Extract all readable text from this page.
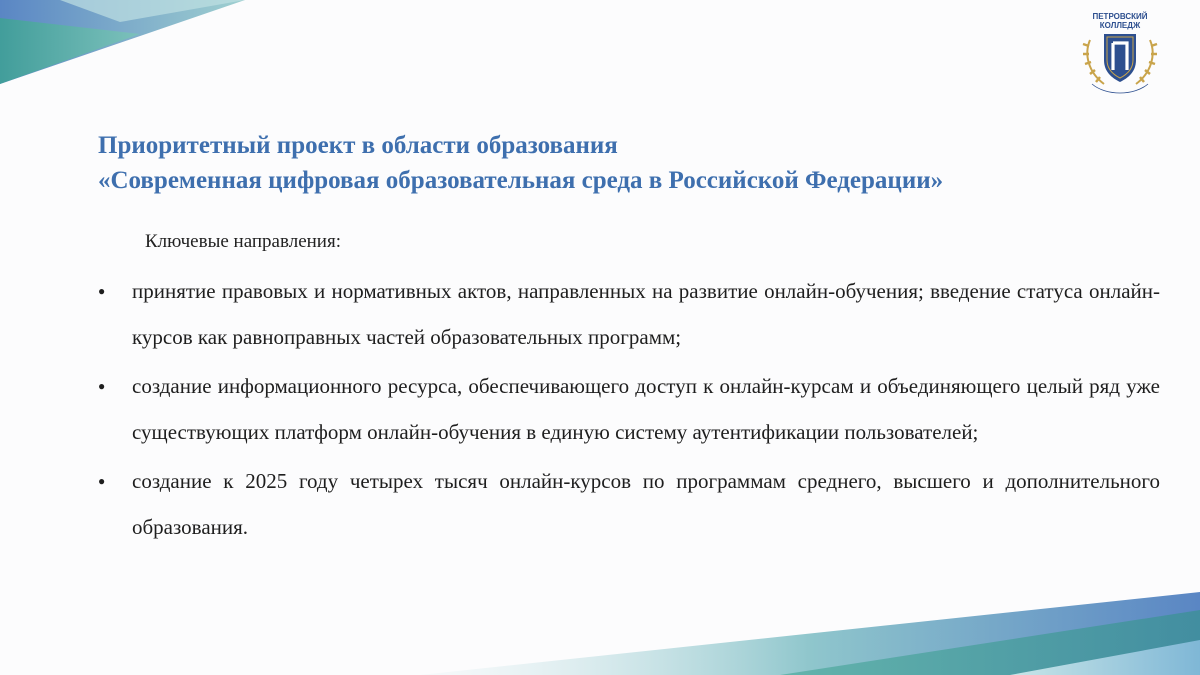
ПЕТРОВСКИЙ
КОЛЛЕДЖ
Приоритетный проект в области образования
«Современная цифровая образовательная среда в Российской Федерации»
Ключевые направления:
● принятие правовых и нормативных актов, направленных на развитие онлайн-обучения; введение статуса онлайн-курсов как равноправных частей образовательных программ;
● создание информационного ресурса, обеспечивающего доступ к онлайн-курсам и объединяющего целый ряд уже существующих платформ онлайн-обучения в единую систему аутентификации пользователей;
● создание к 2025 году четырех тысяч онлайн-курсов по программам среднего, высшего и дополнительного образования.
